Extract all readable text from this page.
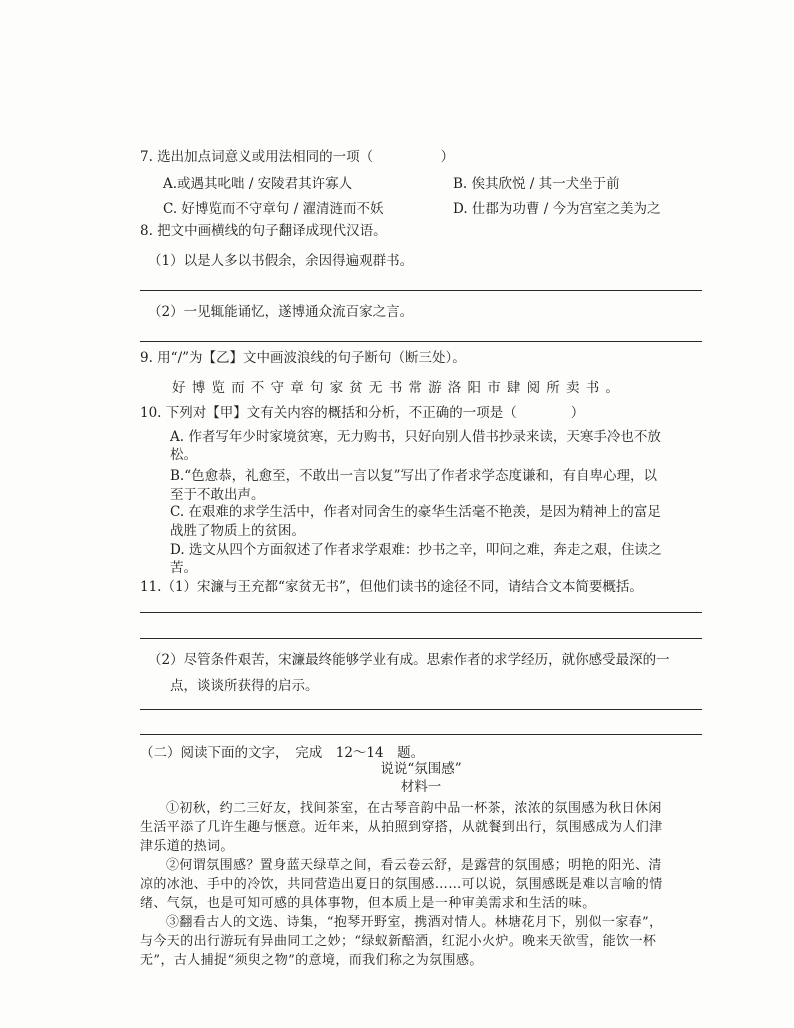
7. 选出加点词意义或用法相同的一项（　　　　　）
A.或遇其叱咄 / 安陵君其许寡人	B. 俟其欣悦 / 其一犬坐于前
C. 好博览而不守章句 / 濯清涟而不妖	D. 仕郡为功曹 / 今为宫室之美为之
8. 把文中画横线的句子翻译成现代汉语。
（1）以是人多以书假余，余因得遍观群书。
（2）一见辄能诵忆，遂博通众流百家之言。
9. 用“/”为【乙】文中画波浪线的句子断句（断三处）。
好博览而不守章句家贫无书常游洛阳市肆阅所卖书。
10. 下列对【甲】文有关内容的概括和分析，不正确的一项是（　　　　）
A. 作者写年少时家境贫寒，无力购书，只好向别人借书抄录来读，天寒手冷也不放
松。
B.“色愈恭，礼愈至，不敢出一言以复”写出了作者求学态度谦和，有自卑心理，以
至于不敢出声。
C. 在艰难的求学生活中，作者对同舍生的豪华生活毫不艳羡，是因为精神上的富足
战胜了物质上的贫困。
D. 选文从四个方面叙述了作者求学艰难：抄书之辛，叩问之难，奔走之艰，住读之
苦。
11.（1）宋濂与王充都“家贫无书”，但他们读书的途径不同，请结合文本简要概括。
（2）尽管条件艰苦，宋濂最终能够学业有成。思索作者的求学经历，就你感受最深的一
点，谈谈所获得的启示。
（二）阅读下面的文字，　完成　12～14　题。
说说“氛围感”
材料一
①初秋，约二三好友，找间茶室，在古琴音韵中品一杯茶，浓浓的氛围感为秋日休闲
生活平添了几许生趣与惬意。近年来，从拍照到穿搭，从就餐到出行，氛围感成为人们津
津乐道的热词。
②何谓氛围感？置身蓝天绿草之间，看云卷云舒，是露营的氛围感；明艳的阳光、清
凉的冰池、手中的冷饮，共同营造出夏日的氛围感……可以说，氛围感既是难以言喻的情
绪、气氛，也是可知可感的具体事物，但本质上是一种审美需求和生活的味。
③翻看古人的文选、诗集，“抱琴开野室，携酒对情人。林塘花月下，别似一家春”，
与今天的出行游玩有异曲同工之妙；“绿蚁新醅酒，红泥小火炉。晚来天欲雪，能饮一杯
无”，古人捕捉“须臾之物”的意境，而我们称之为氛围感。
